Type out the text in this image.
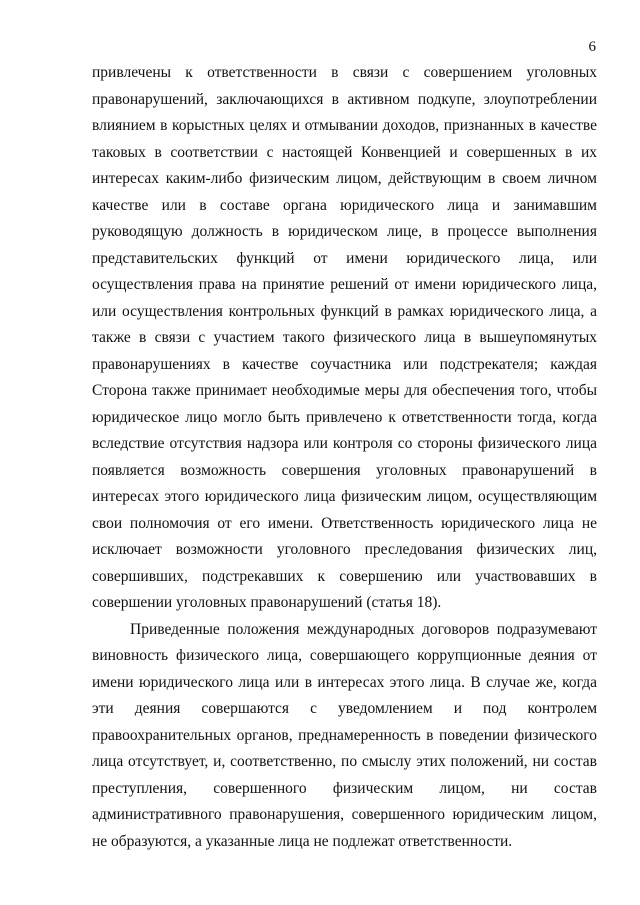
6

привлечены к ответственности в связи с совершением уголовных правонарушений, заключающихся в активном подкупе, злоупотреблении влиянием в корыстных целях и отмывании доходов, признанных в качестве таковых в соответствии с настоящей Конвенцией и совершенных в их интересах каким-либо физическим лицом, действующим в своем личном качестве или в составе органа юридического лица и занимавшим руководящую должность в юридическом лице, в процессе выполнения представительских функций от имени юридического лица, или осуществления права на принятие решений от имени юридического лица, или осуществления контрольных функций в рамках юридического лица, а также в связи с участием такого физического лица в вышеупомянутых правонарушениях в качестве соучастника или подстрекателя; каждая Сторона также принимает необходимые меры для обеспечения того, чтобы юридическое лицо могло быть привлечено к ответственности тогда, когда вследствие отсутствия надзора или контроля со стороны физического лица появляется возможность совершения уголовных правонарушений в интересах этого юридического лица физическим лицом, осуществляющим свои полномочия от его имени. Ответственность юридического лица не исключает возможности уголовного преследования физических лиц, совершивших, подстрекавших к совершению или участвовавших в совершении уголовных правонарушений (статья 18).

Приведенные положения международных договоров подразумевают виновность физического лица, совершающего коррупционные деяния от имени юридического лица или в интересах этого лица. В случае же, когда эти деяния совершаются с уведомлением и под контролем правоохранительных органов, преднамеренность в поведении физического лица отсутствует, и, соответственно, по смыслу этих положений, ни состав преступления, совершенного физическим лицом, ни состав административного правонарушения, совершенного юридическим лицом, не образуются, а указанные лица не подлежат ответственности.
